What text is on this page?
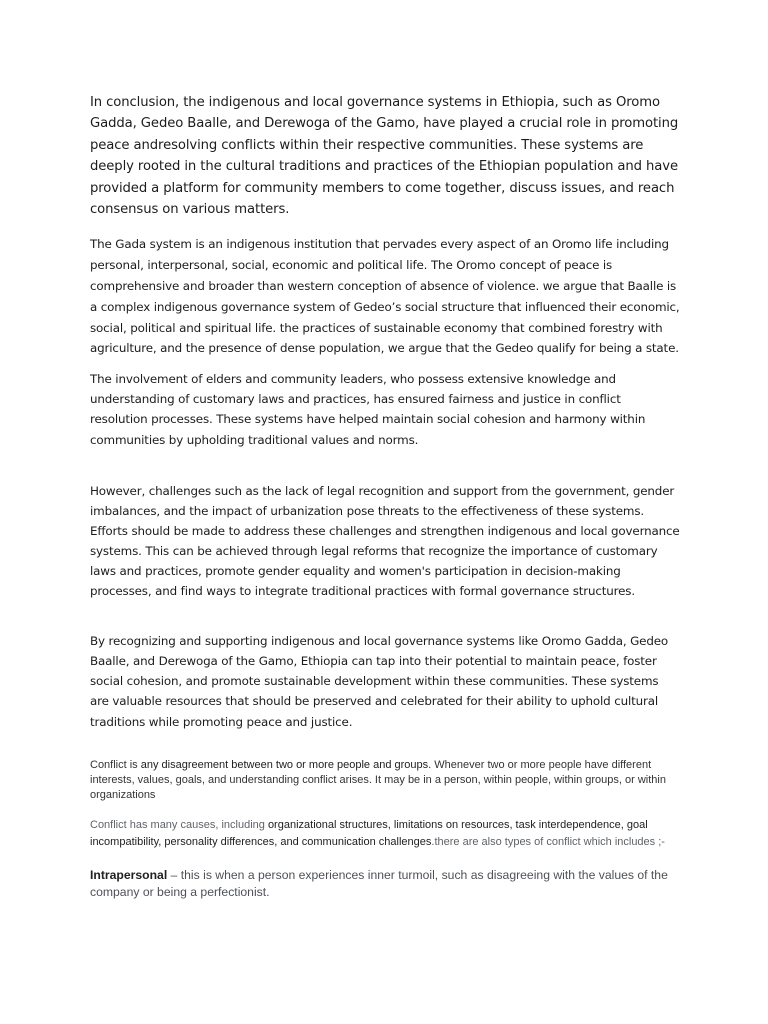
In conclusion, the indigenous and local governance systems in Ethiopia, such as Oromo Gadda, Gedeo Baalle, and Derewoga of the Gamo, have played a crucial role in promoting peace andresolving conflicts within their respective communities. These systems are deeply rooted in the cultural traditions and practices of the Ethiopian population and have provided a platform for community members to come together, discuss issues, and reach consensus on various matters.

The Gada system is an indigenous institution that pervades every aspect of an Oromo life including personal, interpersonal, social, economic and political life. The Oromo concept of peace is comprehensive and broader than western conception of absence of violence. we argue that Baalle is a complex indigenous governance system of Gedeo’s social structure that influenced their economic, social, political and spiritual life. the practices of sustainable economy that combined forestry with agriculture, and the presence of dense population, we argue that the Gedeo qualify for being a state.

The involvement of elders and community leaders, who possess extensive knowledge and understanding of customary laws and practices, has ensured fairness and justice in conflict resolution processes. These systems have helped maintain social cohesion and harmony within communities by upholding traditional values and norms.

However, challenges such as the lack of legal recognition and support from the government, gender imbalances, and the impact of urbanization pose threats to the effectiveness of these systems. Efforts should be made to address these challenges and strengthen indigenous and local governance systems. This can be achieved through legal reforms that recognize the importance of customary laws and practices, promote gender equality and women's participation in decision-making processes, and find ways to integrate traditional practices with formal governance structures.

By recognizing and supporting indigenous and local governance systems like Oromo Gadda, Gedeo Baalle, and Derewoga of the Gamo, Ethiopia can tap into their potential to maintain peace, foster social cohesion, and promote sustainable development within these communities. These systems are valuable resources that should be preserved and celebrated for their ability to uphold cultural traditions while promoting peace and justice.

Conflict is any disagreement between two or more people and groups. Whenever two or more people have different interests, values, goals, and understanding conflict arises. It may be in a person, within people, within groups, or within organizations

Conflict has many causes, including organizational structures, limitations on resources, task interdependence, goal incompatibility, personality differences, and communication challenges.there are also types of conflict which includes ;-

Intrapersonal – this is when a person experiences inner turmoil, such as disagreeing with the values of the company or being a perfectionist.
